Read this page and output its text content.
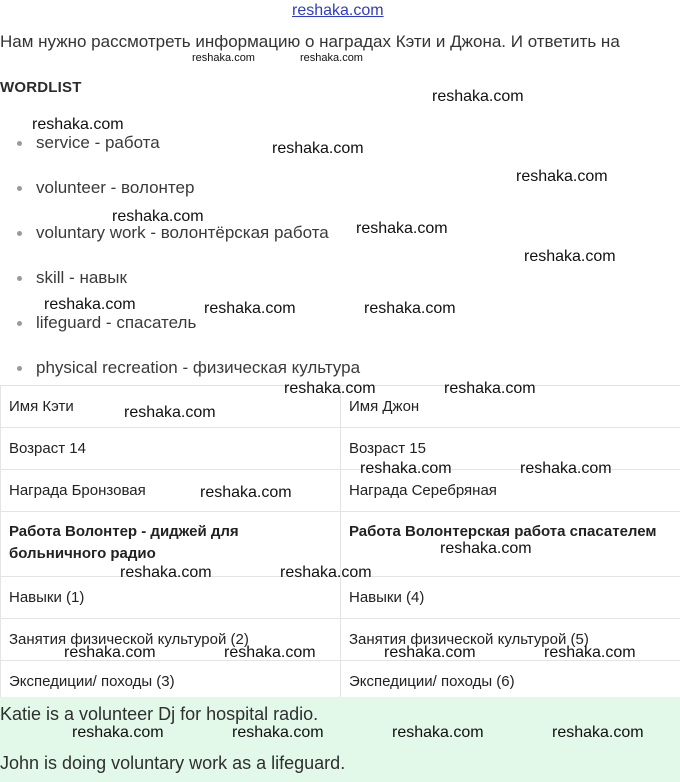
reshaka.com

Нам нужно рассмотреть информацию о наградах Кэти и Джона. И ответить на

WORDLIST
service - работа
volunteer - волонтер
voluntary work - волонтёрская работа
skill - навык
lifeguard - спасатель
physical recreation - физическая культура
Имя Кэти	Имя Джон
Возраст 14	Возраст 15
Награда Бронзовая	Награда Серебряная
Работа Волонтер - диджей для больничного радио	Работа Волонтерская работа спасателем
Навыки (1)	Навыки (4)
Занятия физической культурой (2)	Занятия физической культурой (5)
Экспедиции/ походы (3)	Экспедиции/ походы (6)

Katie is a volunteer Dj for hospital radio.

John is doing voluntary work as a lifeguard.

reshaka.com	reshaka.com
reshaka.com
reshaka.com
reshaka.com
reshaka.com
reshaka.com
reshaka.com
reshaka.com
reshaka.com	reshaka.com	reshaka.com
reshaka.com	reshaka.com
reshaka.com
reshaka.com	reshaka.com
reshaka.com
reshaka.com
reshaka.com	reshaka.com
reshaka.com	reshaka.com	reshaka.com	reshaka.com
reshaka.com	reshaka.com	reshaka.com	reshaka.com
